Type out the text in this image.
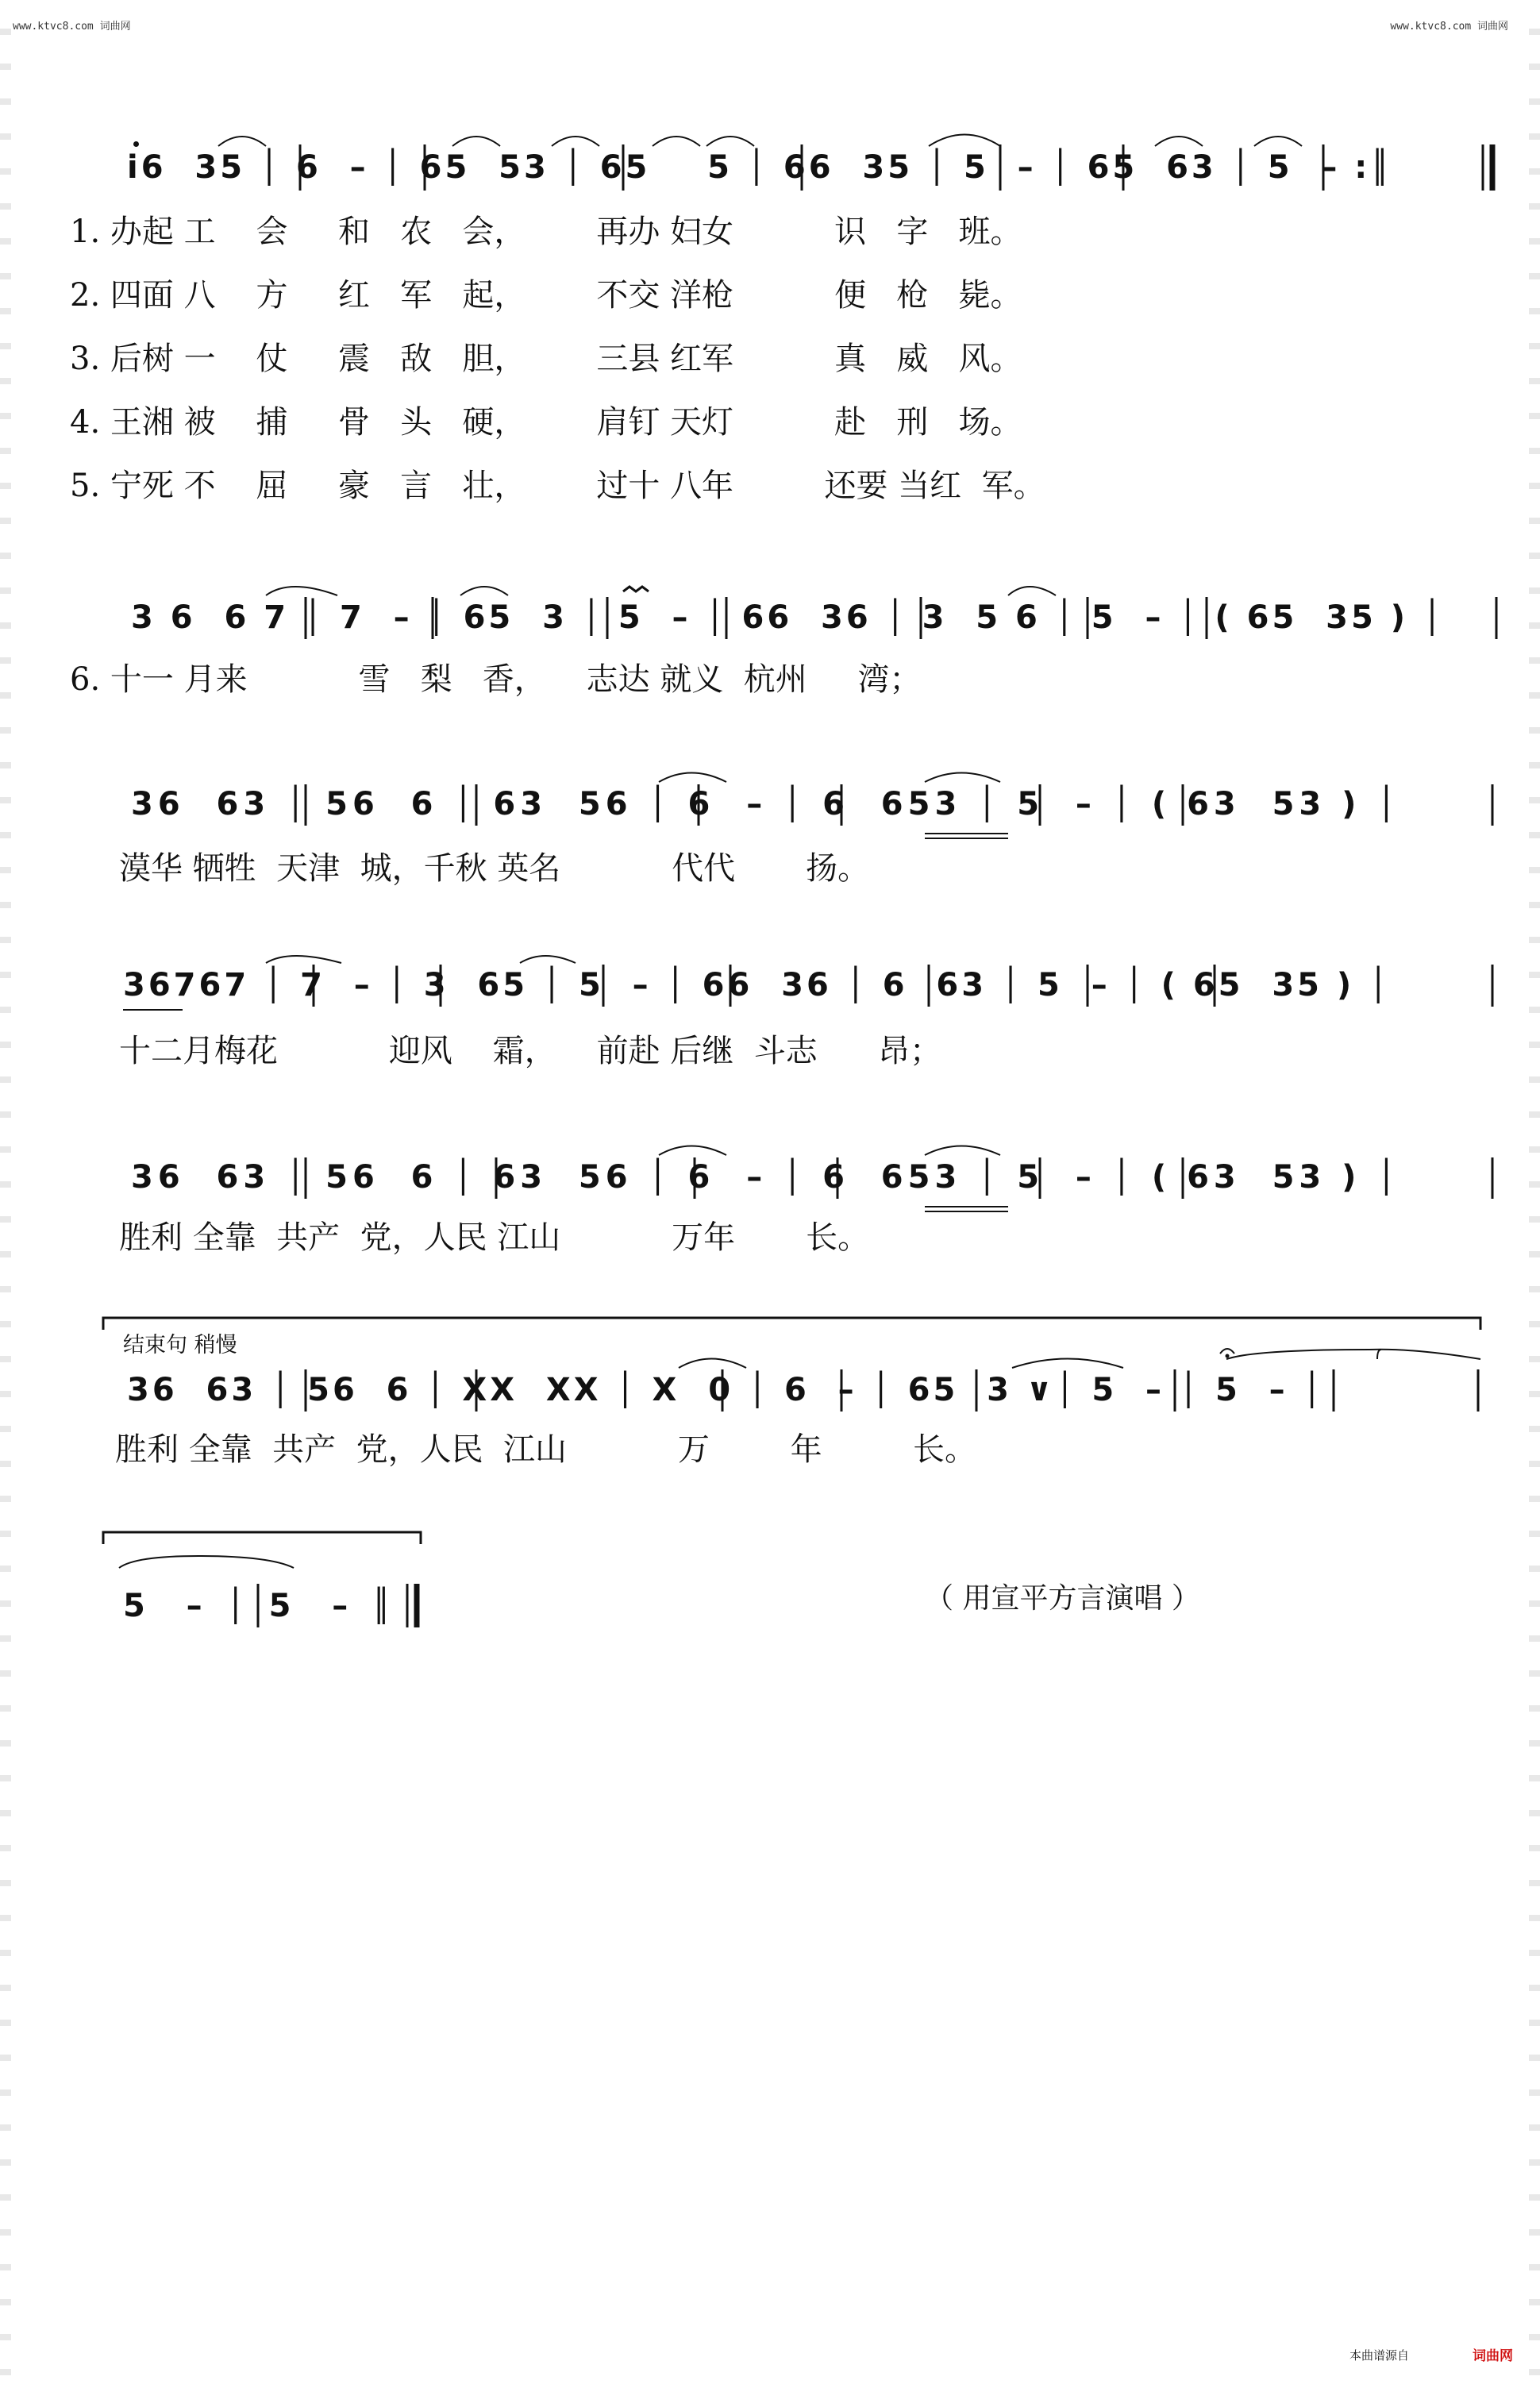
www.ktvc8.com 词曲网	www.ktvc8.com 词曲网
i6  35 │ 6  – │ 65  53 │ 65    5 │ 66  35 │ 5  – │ 65  63 │ 5  – :║
1. 办起 工    会     和   农   会，       再办 妇女          识   字   班。
2. 四面 八    方     红   军   起，       不交 洋枪          便   枪   毙。
3. 后树 一    仗     震   敌   胆，       三县 红军          真   威   风。
4. 王湘 被    捕     骨   头   硬，       肩钉 天灯          赴   刑   场。
5. 宁死 不    屈     豪   言   壮，       过十 八年         还要 当红  军。
3 6  6 7 │ 7  – │ 65  3 │ 5  – │ 66  36 │ 3  5 6 │ 5  – │ ( 65  35 ) │
6. 十一 月来           雪   梨   香，    志达 就义  杭州     湾；
36  63 │ 56  6 │ 63  56 │ 6  – │ 6  653 │ 5  – │ ( 63  53 ) │
漠华 牺牲  天津  城，千秋 英名           代代       扬。
36767 │ 7  – │ 3  65 │ 5  – │ 66  36 │ 6  63 │ 5  – │ ( 65  35 ) │
十二月梅花           迎风    霜，    前赴 后继  斗志      昂；
36  63 │ 56  6 │ 63  56 │ 6  – │ 6  653 │ 5  – │ ( 63  53 ) │
胜利 全靠  共产  党，人民 江山           万年       长。
结束句 稍慢
36  63 │ 56  6 │ XX  XX │ X  0 │ 6  – │ 65  3 ∨│ 5  – │ 5  – │
胜利 全靠  共产  党，人民  江山           万        年         长。
5  – │ 5  – ║	（ 用宣平方言演唱 ）
本曲谱源自	词曲网
